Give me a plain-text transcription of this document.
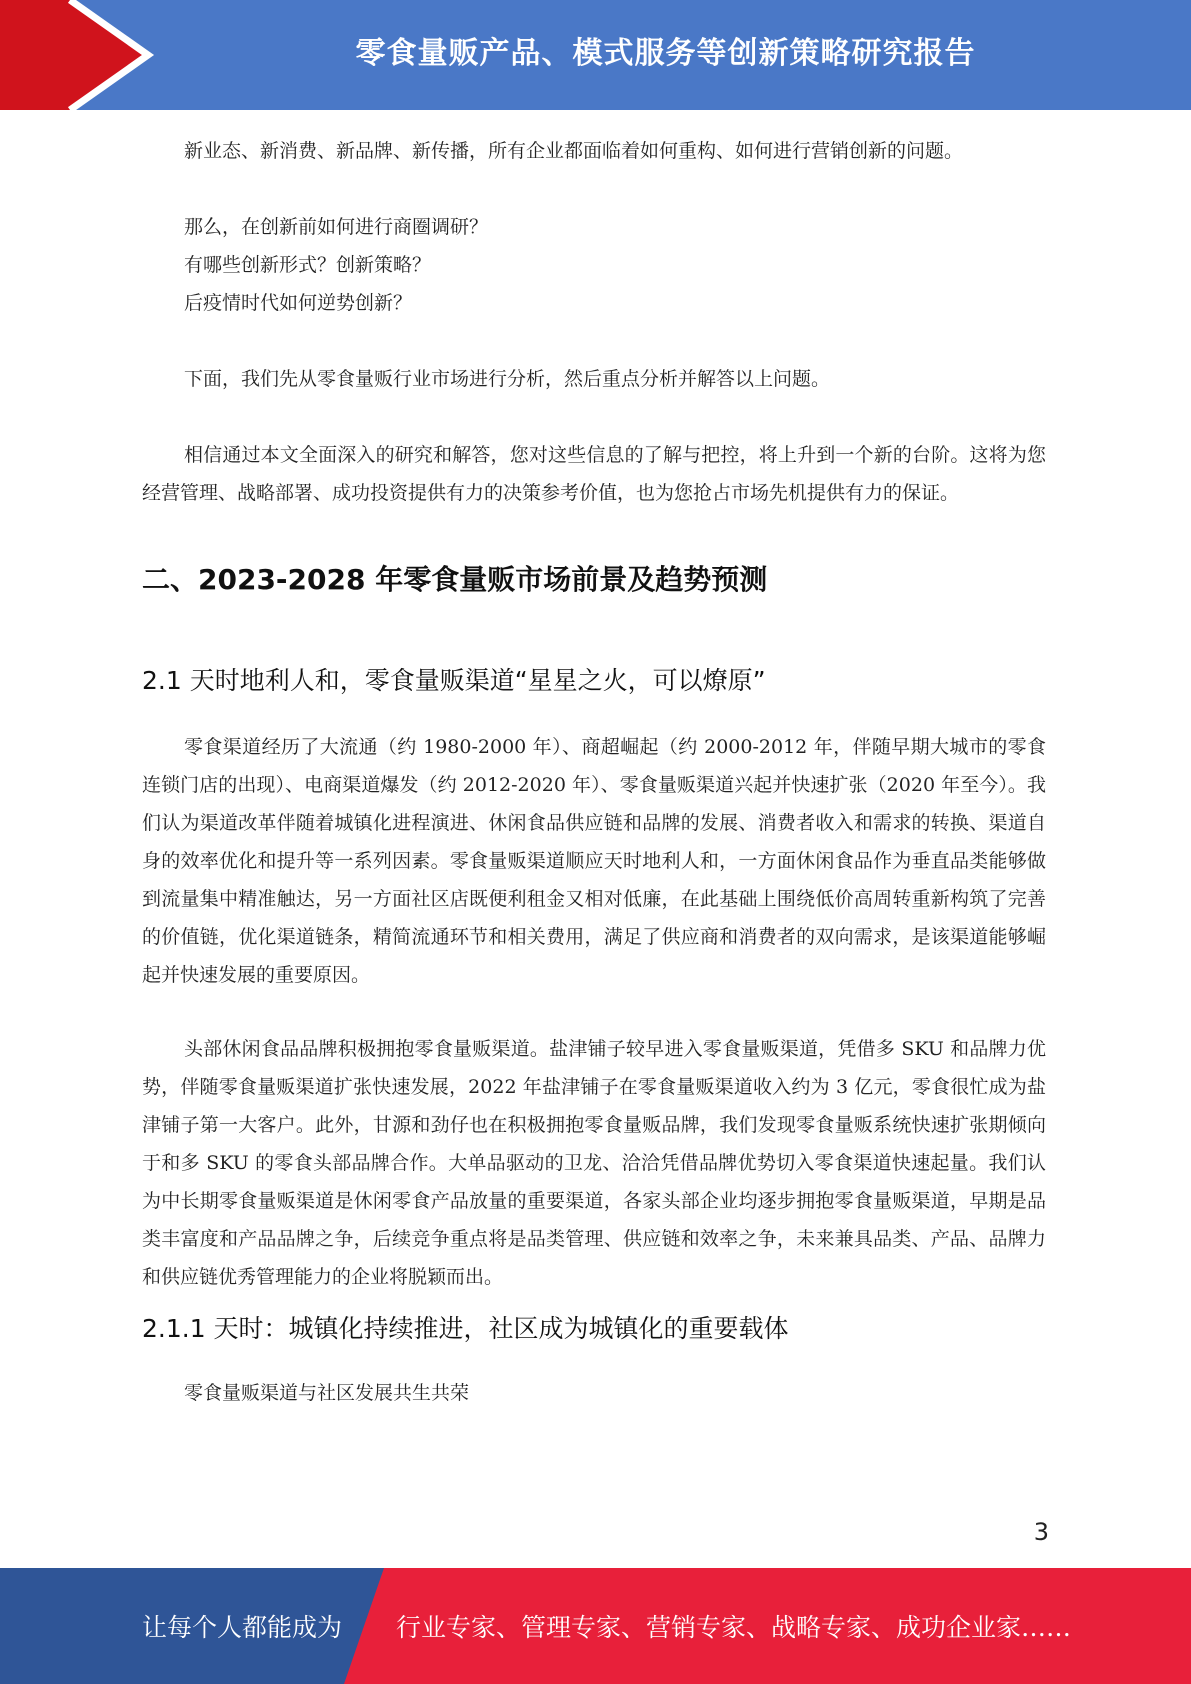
零食量贩产品、模式服务等创新策略研究报告

新业态、新消费、新品牌、新传播，所有企业都面临着如何重构、如何进行营销创新的问题。

那么，在创新前如何进行商圈调研？

有哪些创新形式？创新策略？

后疫情时代如何逆势创新？

下面，我们先从零食量贩行业市场进行分析，然后重点分析并解答以上问题。

相信通过本文全面深入的研究和解答，您对这些信息的了解与把控，将上升到一个新的台阶。这将为您经营管理、战略部署、成功投资提供有力的决策参考价值，也为您抢占市场先机提供有力的保证。

二、2023-2028 年零食量贩市场前景及趋势预测
2.1 天时地利人和，零食量贩渠道“星星之火，可以燎原”

零食渠道经历了大流通（约 1980-2000 年）、商超崛起（约 2000-2012 年，伴随早期大城市的零食连锁门店的出现）、电商渠道爆发（约 2012-2020 年）、零食量贩渠道兴起并快速扩张（2020 年至今）。我们认为渠道改革伴随着城镇化进程演进、休闲食品供应链和品牌的发展、消费者收入和需求的转换、渠道自身的效率优化和提升等一系列因素。零食量贩渠道顺应天时地利人和，一方面休闲食品作为垂直品类能够做到流量集中精准触达，另一方面社区店既便利租金又相对低廉，在此基础上围绕低价高周转重新构筑了完善的价值链，优化渠道链条，精简流通环节和相关费用，满足了供应商和消费者的双向需求，是该渠道能够崛起并快速发展的重要原因。

头部休闲食品品牌积极拥抱零食量贩渠道。盐津铺子较早进入零食量贩渠道，凭借多 SKU 和品牌力优势，伴随零食量贩渠道扩张快速发展，2022 年盐津铺子在零食量贩渠道收入约为 3 亿元，零食很忙成为盐津铺子第一大客户。此外，甘源和劲仔也在积极拥抱零食量贩品牌，我们发现零食量贩系统快速扩张期倾向于和多 SKU 的零食头部品牌合作。大单品驱动的卫龙、洽洽凭借品牌优势切入零食渠道快速起量。我们认为中长期零食量贩渠道是休闲零食产品放量的重要渠道，各家头部企业均逐步拥抱零食量贩渠道，早期是品类丰富度和产品品牌之争，后续竞争重点将是品类管理、供应链和效率之争，未来兼具品类、产品、品牌力和供应链优秀管理能力的企业将脱颖而出。

2.1.1 天时：城镇化持续推进，社区成为城镇化的重要载体

零食量贩渠道与社区发展共生共荣

3
让每个人都能成为 行业专家、管理专家、营销专家、战略专家、成功企业家……
